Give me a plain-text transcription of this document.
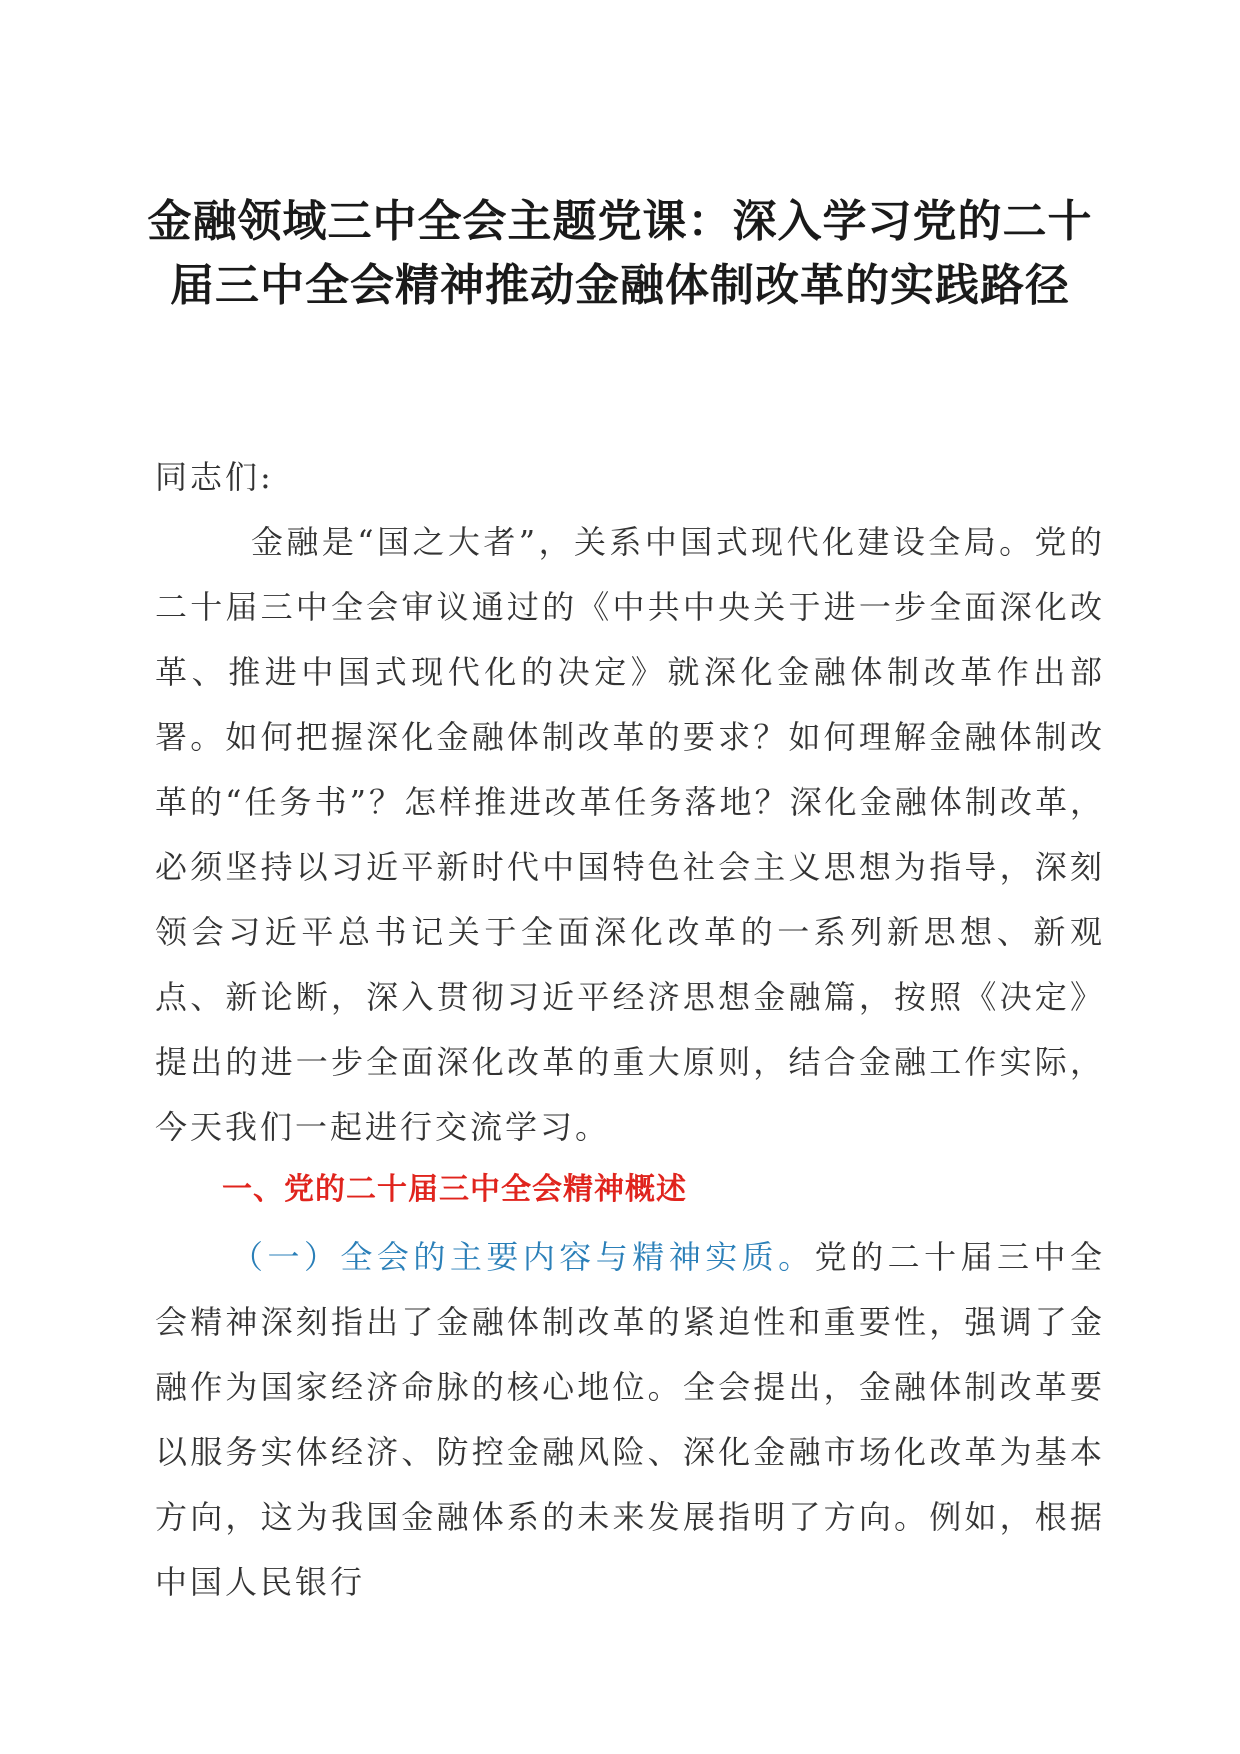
金融领域三中全会主题党课：深入学习党的二十届三中全会精神推动金融体制改革的实践路径

同志们:

金融是“国之大者”，关系中国式现代化建设全局。党的二十届三中全会审议通过的《中共中央关于进一步全面深化改革、推进中国式现代化的决定》就深化金融体制改革作出部署。如何把握深化金融体制改革的要求？如何理解金融体制改革的“任务书”？怎样推进改革任务落地？深化金融体制改革，必须坚持以习近平新时代中国特色社会主义思想为指导，深刻领会习近平总书记关于全面深化改革的一系列新思想、新观点、新论断，深入贯彻习近平经济思想金融篇，按照《决定》提出的进一步全面深化改革的重大原则，结合金融工作实际，今天我们一起进行交流学习。

一、党的二十届三中全会精神概述

（一）全会的主要内容与精神实质。党的二十届三中全会精神深刻指出了金融体制改革的紧迫性和重要性，强调了金融作为国家经济命脉的核心地位。全会提出，金融体制改革要以服务实体经济、防控金融风险、深化金融市场化改革为基本方向，这为我国金融体系的未来发展指明了方向。例如，根据中国人民银行
